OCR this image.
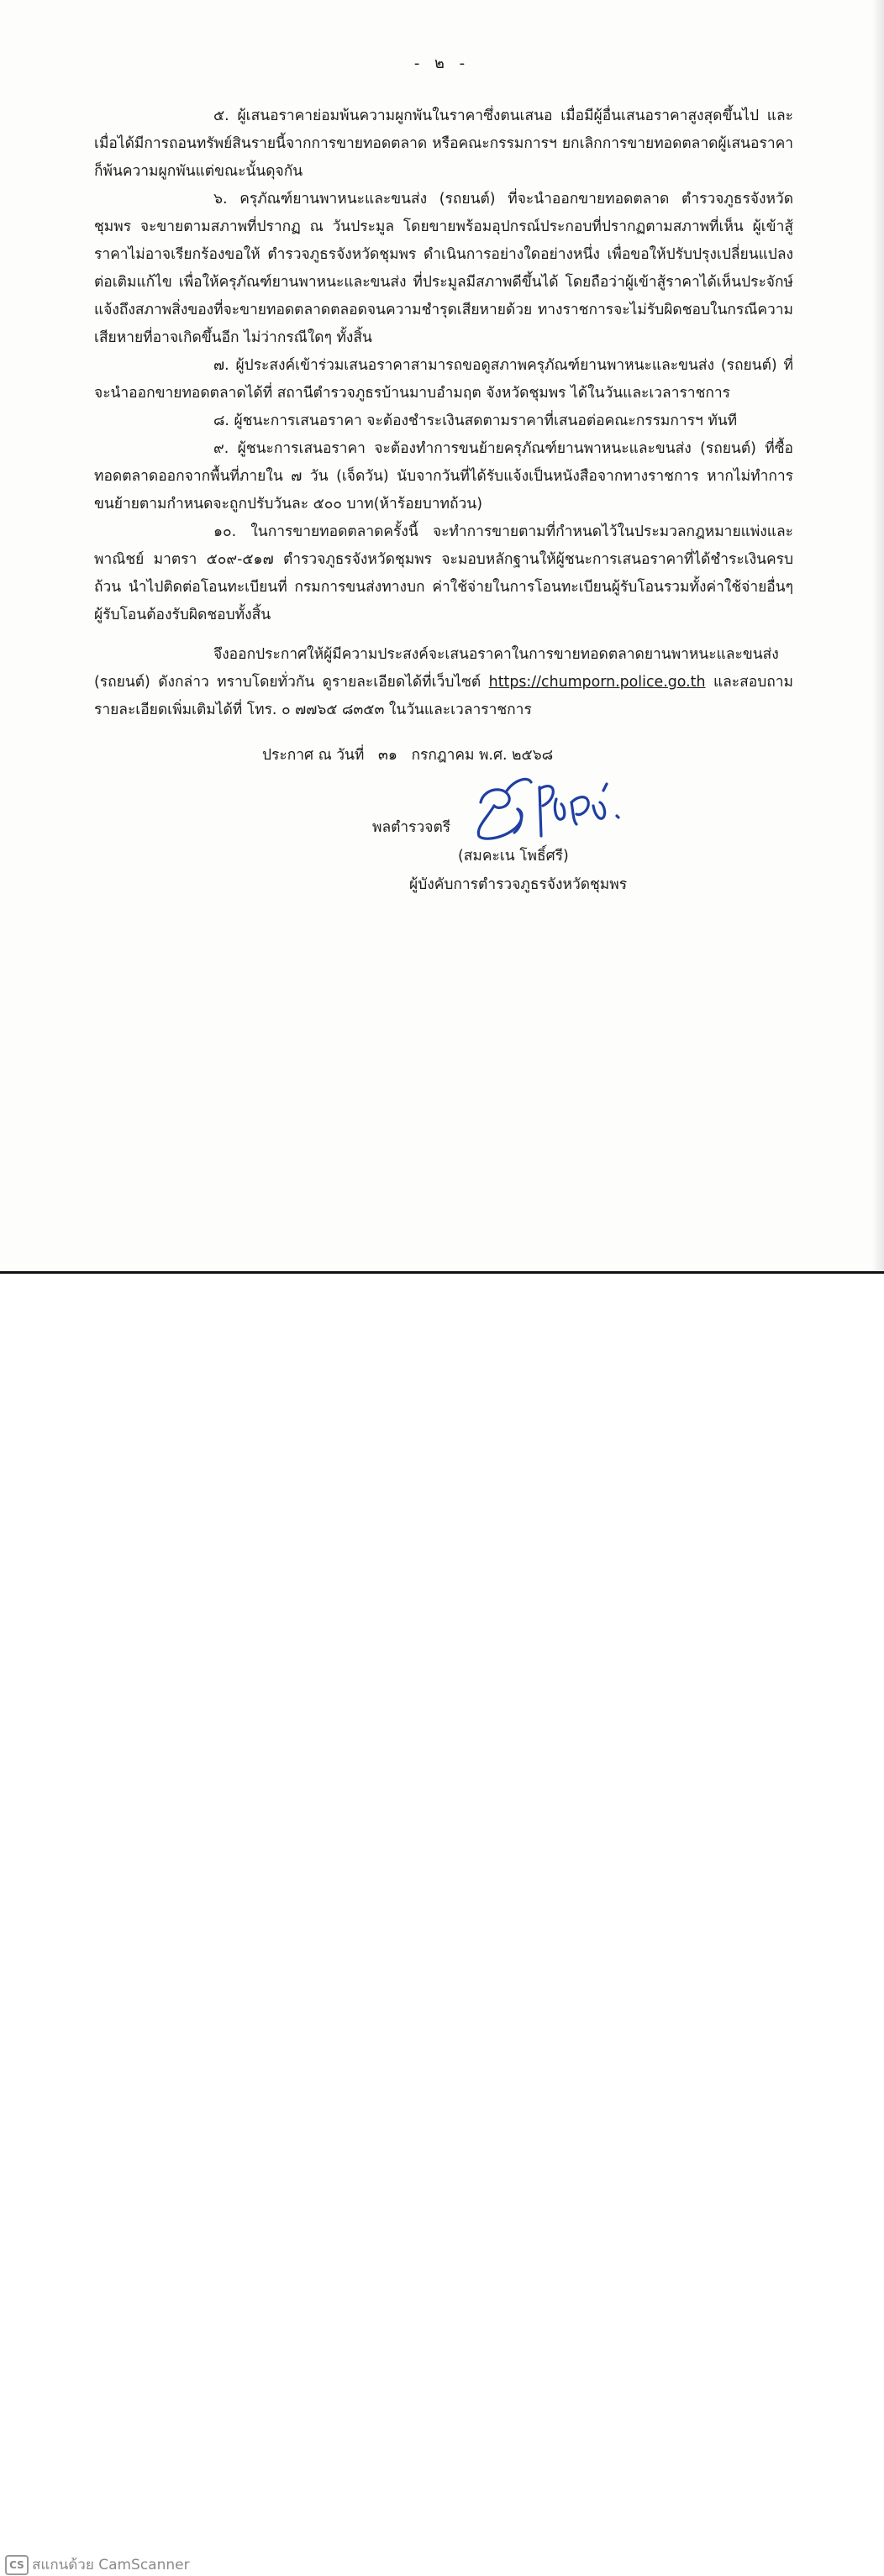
- ๒ -

๕. ผู้เสนอราคาย่อมพ้นความผูกพันในราคาซึ่งตนเสนอ เมื่อมีผู้อื่นเสนอราคาสูงสุดขึ้นไป และเมื่อได้มีการถอนทรัพย์สินรายนี้จากการขายทอดตลาด หรือคณะกรรมการฯ ยกเลิกการขายทอดตลาดผู้เสนอราคาก็พ้นความผูกพันแต่ขณะนั้นดุจกัน

๖. ครุภัณฑ์ยานพาหนะและขนส่ง (รถยนต์) ที่จะนำออกขายทอดตลาด ตำรวจภูธรจังหวัดชุมพร จะขายตามสภาพที่ปรากฏ ณ วันประมูล โดยขายพร้อมอุปกรณ์ประกอบที่ปรากฏตามสภาพที่เห็น ผู้เข้าสู้ราคาไม่อาจเรียกร้องขอให้ ตำรวจภูธรจังหวัดชุมพร ดำเนินการอย่างใดอย่างหนึ่ง เพื่อขอให้ปรับปรุงเปลี่ยนแปลงต่อเติมแก้ไข เพื่อให้ครุภัณฑ์ยานพาหนะและขนส่ง ที่ประมูลมีสภาพดีขึ้นได้ โดยถือว่าผู้เข้าสู้ราคาได้เห็นประจักษ์แจ้งถึงสภาพสิ่งของที่จะขายทอดตลาดตลอดจนความชำรุดเสียหายด้วย ทางราชการจะไม่รับผิดชอบในกรณีความเสียหายที่อาจเกิดขึ้นอีก ไม่ว่ากรณีใดๆ ทั้งสิ้น

๗. ผู้ประสงค์เข้าร่วมเสนอราคาสามารถขอดูสภาพครุภัณฑ์ยานพาหนะและขนส่ง (รถยนต์) ที่จะนำออกขายทอดตลาดได้ที่ สถานีตำรวจภูธรบ้านมาบอำมฤต จังหวัดชุมพร ได้ในวันและเวลาราชการ

๘. ผู้ชนะการเสนอราคา จะต้องชำระเงินสดตามราคาที่เสนอต่อคณะกรรมการฯ ทันที

๙. ผู้ชนะการเสนอราคา จะต้องทำการขนย้ายครุภัณฑ์ยานพาหนะและขนส่ง (รถยนต์) ที่ซื้อทอดตลาดออกจากพื้นที่ภายใน ๗ วัน (เจ็ดวัน) นับจากวันที่ได้รับแจ้งเป็นหนังสือจากทางราชการ หากไม่ทำการขนย้ายตามกำหนดจะถูกปรับวันละ ๕๐๐ บาท(ห้าร้อยบาทถ้วน)

๑๐. ในการขายทอดตลาดครั้งนี้ จะทำการขายตามที่กำหนดไว้ในประมวลกฎหมายแพ่งและพาณิชย์ มาตรา ๕๐๙-๕๑๗ ตำรวจภูธรจังหวัดชุมพร จะมอบหลักฐานให้ผู้ชนะการเสนอราคาที่ได้ชำระเงินครบถ้วน นำไปติดต่อโอนทะเบียนที่ กรมการขนส่งทางบก ค่าใช้จ่ายในการโอนทะเบียนผู้รับโอนรวมทั้งค่าใช้จ่ายอื่นๆ ผู้รับโอนต้องรับผิดชอบทั้งสิ้น

จึงออกประกาศให้ผู้มีความประสงค์จะเสนอราคาในการขายทอดตลาดยานพาหนะและขนส่ง (รถยนต์) ดังกล่าว ทราบโดยทั่วกัน ดูรายละเอียดได้ที่เว็บไซต์ https://chumporn.police.go.th และสอบถามรายละเอียดเพิ่มเติมได้ที่ โทร. ๐ ๗๗๖๕ ๘๓๕๓ ในวันและเวลาราชการ

ประกาศ ณ วันที่ ๓๑ กรกฎาคม พ.ศ. ๒๕๖๘
พลตำรวจตรี
(สมคะเน โพธิ์ศรี)
ผู้บังคับการตำรวจภูธรจังหวัดชุมพร
CS สแกนด้วย CamScanner
